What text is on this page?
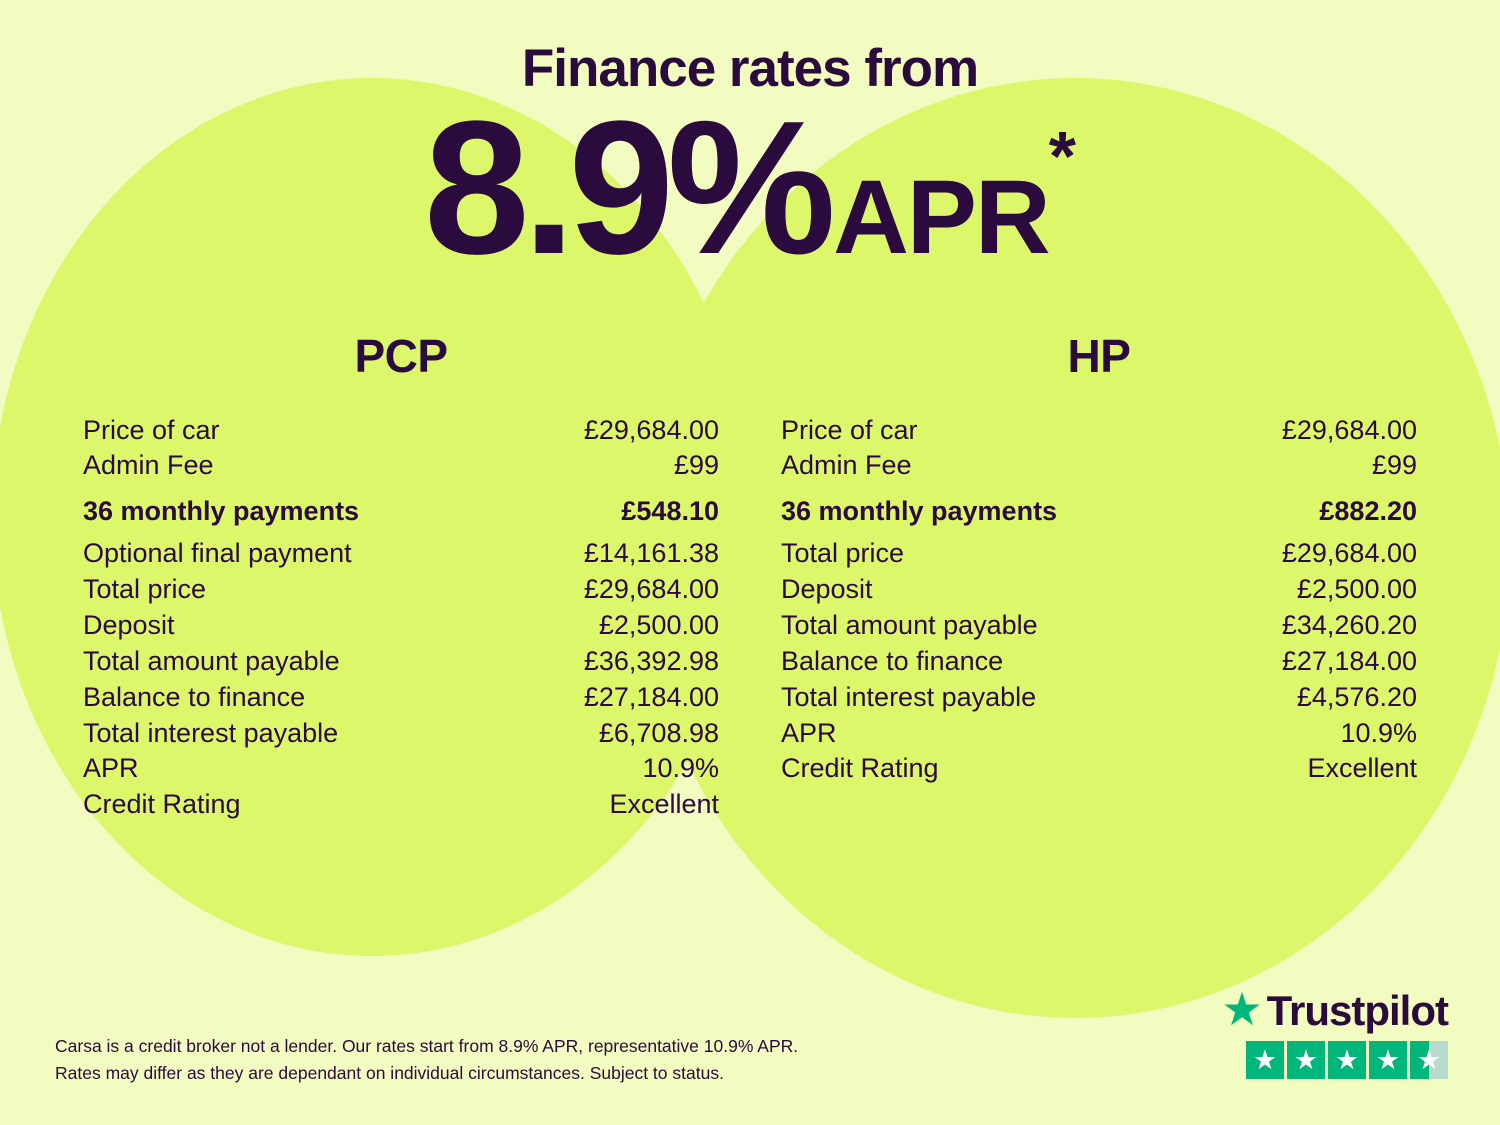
Finance rates from
8.9% APR
*
PCP
Price of car	£29,684.00
Admin Fee	£99
36 monthly payments	£548.10
Optional final payment	£14,161.38
Total price	£29,684.00
Deposit	£2,500.00
Total amount payable	£36,392.98
Balance to finance	£27,184.00
Total interest payable	£6,708.98
APR	10.9%
Credit Rating	Excellent
HP
Price of car	£29,684.00
Admin Fee	£99
36 monthly payments	£882.20
Total price	£29,684.00
Deposit	£2,500.00
Total amount payable	£34,260.20
Balance to finance	£27,184.00
Total interest payable	£4,576.20
APR	10.9%
Credit Rating	Excellent
Carsa is a credit broker not a lender. Our rates start from 8.9% APR, representative 10.9% APR.
Rates may differ as they are dependant on individual circumstances. Subject to status.
★ Trustpilot
★ ★ ★ ★ ★
